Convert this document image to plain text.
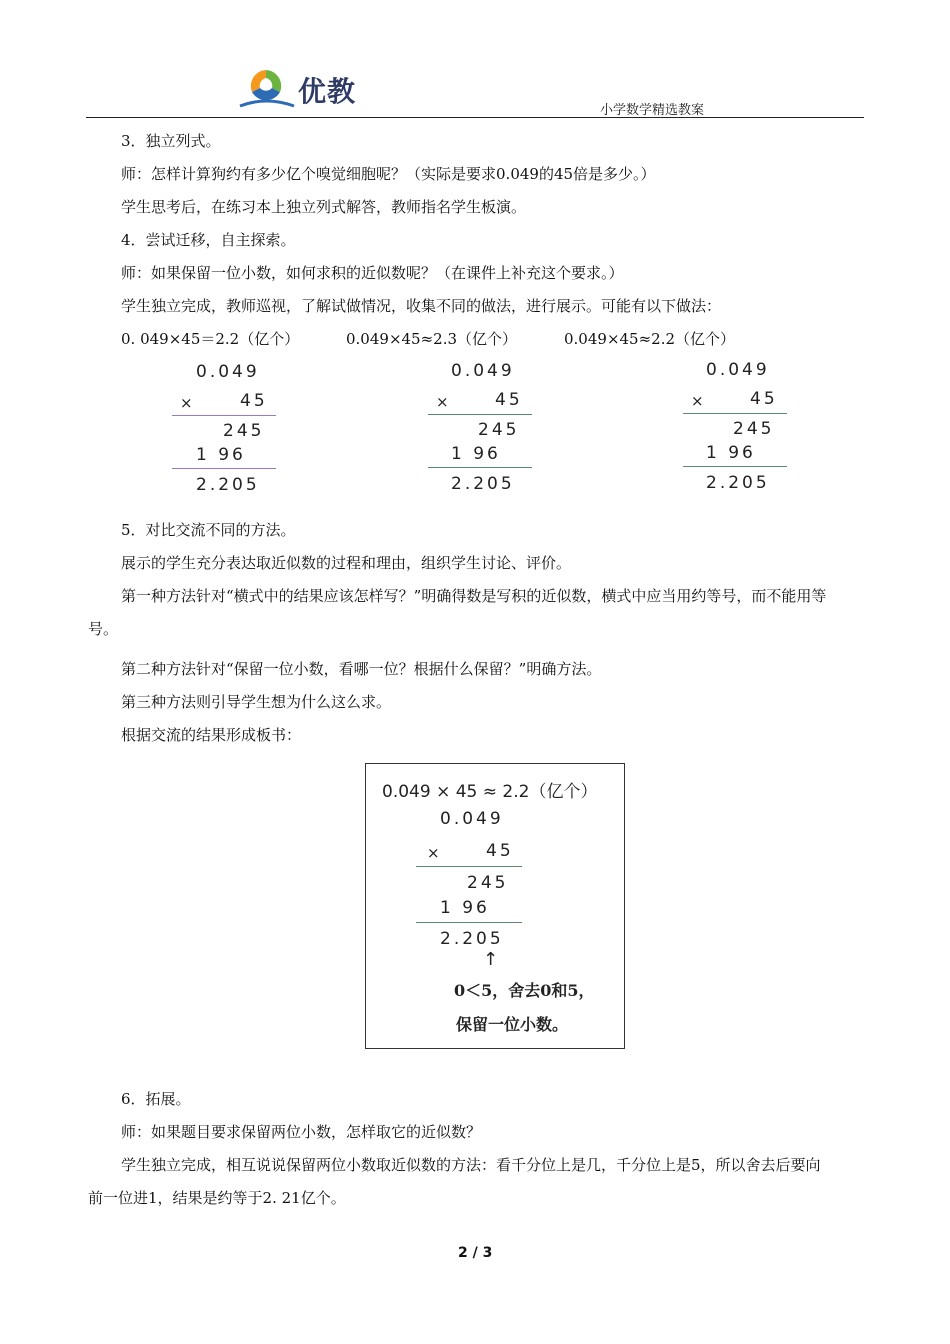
优教
小学数学精选教案
3．独立列式。
师：怎样计算狗约有多少亿个嗅觉细胞呢？（实际是要求0.049的45倍是多少。）
学生思考后，在练习本上独立列式解答，教师指名学生板演。
4．尝试迁移，自主探索。
师：如果保留一位小数，如何求积的近似数呢？（在课件上补充这个要求。）
学生独立完成，教师巡视，了解试做情况，收集不同的做法，进行展示。可能有以下做法：
0. 049×45＝2.2（亿个）	0.049×45≈2.3（亿个）	0.049×45≈2.2（亿个）
0.049
×	45
245
1 96
2.205
0.049
×	45
245
1 96
2.205
0.049
×	45
245
1 96
2.205
5．对比交流不同的方法。
展示的学生充分表达取近似数的过程和理由，组织学生讨论、评价。
第一种方法针对“横式中的结果应该怎样写？”明确得数是写积的近似数，横式中应当用约等号，而不能用等号。
第二种方法针对“保留一位小数，看哪一位？根据什么保留？”明确方法。
第三种方法则引导学生想为什么这么求。
根据交流的结果形成板书：
0.049 × 45 ≈ 2.2（亿个）
0.049
×	45
245
1 96
2.205
↑
0＜5，舍去0和5，
保留一位小数。
6．拓展。
师：如果题目要求保留两位小数，怎样取它的近似数？
学生独立完成，相互说说保留两位小数取近似数的方法：看千分位上是几，千分位上是5，所以舍去后要向前一位进1，结果是约等于2. 21亿个。
2 / 3
